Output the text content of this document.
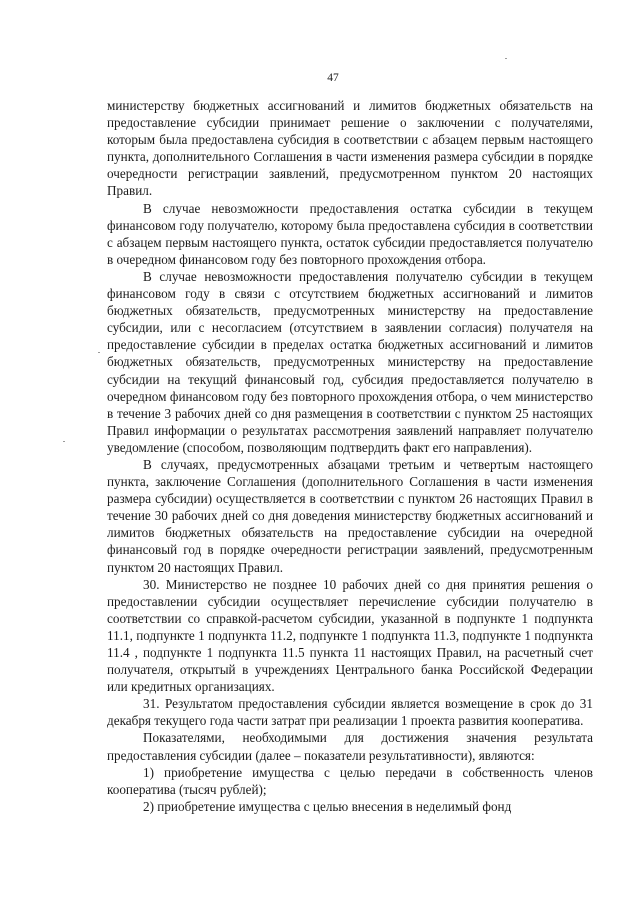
47

министерству бюджетных ассигнований и лимитов бюджетных обязательств на предоставление субсидии принимает решение о заключении с получателями, которым была предоставлена субсидия в соответствии с абзацем первым настоящего пункта, дополнительного Соглашения в части изменения размера субсидии в порядке очередности регистрации заявлений, предусмотренном пунктом 20 настоящих Правил.

В случае невозможности предоставления остатка субсидии в текущем финансовом году получателю, которому была предоставлена субсидия в соответствии с абзацем первым настоящего пункта, остаток субсидии предоставляется получателю в очередном финансовом году без повторного прохождения отбора.

В случае невозможности предоставления получателю субсидии в текущем финансовом году в связи с отсутствием бюджетных ассигнований и лимитов бюджетных обязательств, предусмотренных министерству на предоставление субсидии, или с несогласием (отсутствием в заявлении согласия) получателя на предоставление субсидии в пределах остатка бюджетных ассигнований и лимитов бюджетных обязательств, предусмотренных министерству на предоставление субсидии на текущий финансовый год, субсидия предоставляется получателю в очередном финансовом году без повторного прохождения отбора, о чем министерство в течение 3 рабочих дней со дня размещения в соответствии с пунктом 25 настоящих Правил информации о результатах рассмотрения заявлений направляет получателю уведомление (способом, позволяющим подтвердить факт его направления).

В случаях, предусмотренных абзацами третьим и четвертым настоящего пункта, заключение Соглашения (дополнительного Соглашения в части изменения размера субсидии) осуществляется в соответствии с пунктом 26 настоящих Правил в течение 30 рабочих дней со дня доведения министерству бюджетных ассигнований и лимитов бюджетных обязательств на предоставление субсидии на очередной финансовый год в порядке очередности регистрации заявлений, предусмотренным пунктом 20 настоящих Правил.

30. Министерство не позднее 10 рабочих дней со дня принятия решения о предоставлении субсидии осуществляет перечисление субсидии получателю в соответствии со справкой-расчетом субсидии, указанной в подпункте 1 подпункта 11.1, подпункте 1 подпункта 11.2, подпункте 1 подпункта 11.3, подпункте 1 подпункта 11.4 , подпункте 1 подпункта 11.5 пункта 11 настоящих Правил, на расчетный счет получателя, открытый в учреждениях Центрального банка Российской Федерации или кредитных организациях.

31. Результатом предоставления субсидии является возмещение в срок до 31 декабря текущего года части затрат при реализации 1 проекта развития кооператива.

Показателями, необходимыми для достижения значения результата предоставления субсидии (далее – показатели результативности), являются:

1) приобретение имущества с целью передачи в собственность членов кооператива (тысяч рублей);

2) приобретение имущества с целью внесения в неделимый фонд
